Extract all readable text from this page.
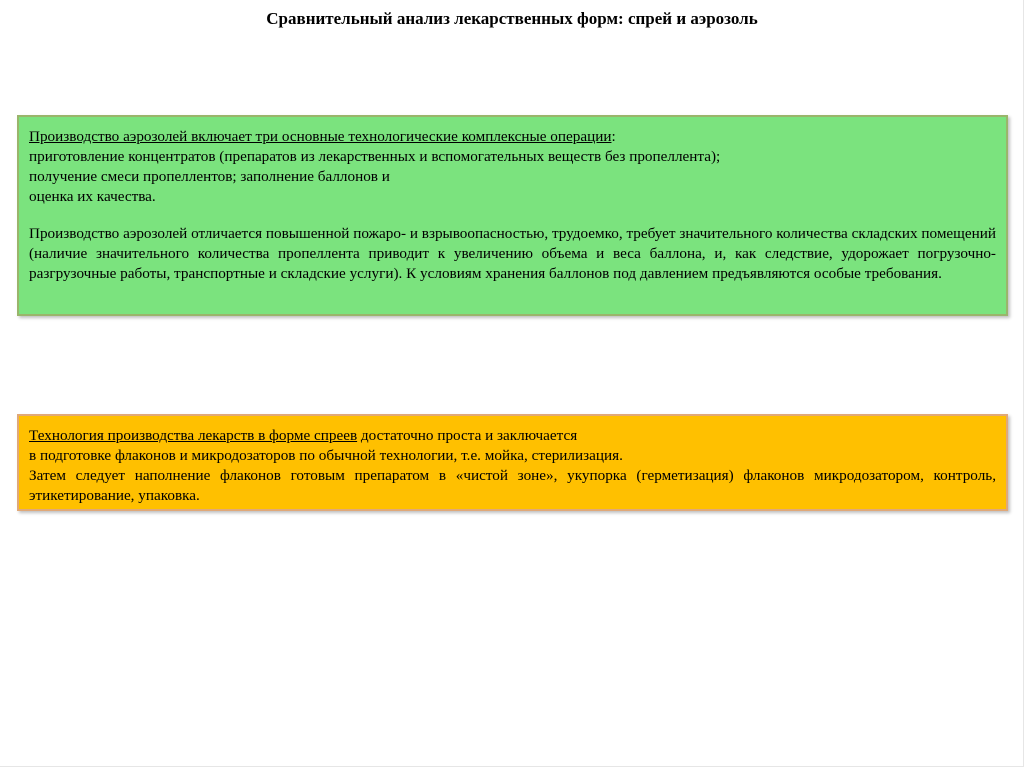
Сравнительный анализ лекарственных форм: спрей и аэрозоль
Производство аэрозолей включает три основные технологические комплексные операции:
приготовление концентратов (препаратов из лекарственных и вспомогательных веществ без пропеллента);
получение смеси пропеллентов; заполнение баллонов и
оценка их качества.
Производство аэрозолей отличается повышенной пожаро- и взрывоопасностью, трудоемко, требует значительного количества складских помещений (наличие значительного количества пропеллента приводит к увеличению объема и веса баллона, и, как следствие, удорожает погрузочно-разгрузочные работы, транспортные и складские услуги). К условиям хранения баллонов под давлением предъявляются особые требования.
Технология производства лекарств в форме спреев достаточно проста и заключается
в подготовке флаконов и микродозаторов по обычной технологии, т.е. мойка, стерилизация.
Затем следует наполнение флаконов готовым препаратом в «чистой зоне», укупорка (герметизация) флаконов микродозатором, контроль, этикетирование, упаковка.
